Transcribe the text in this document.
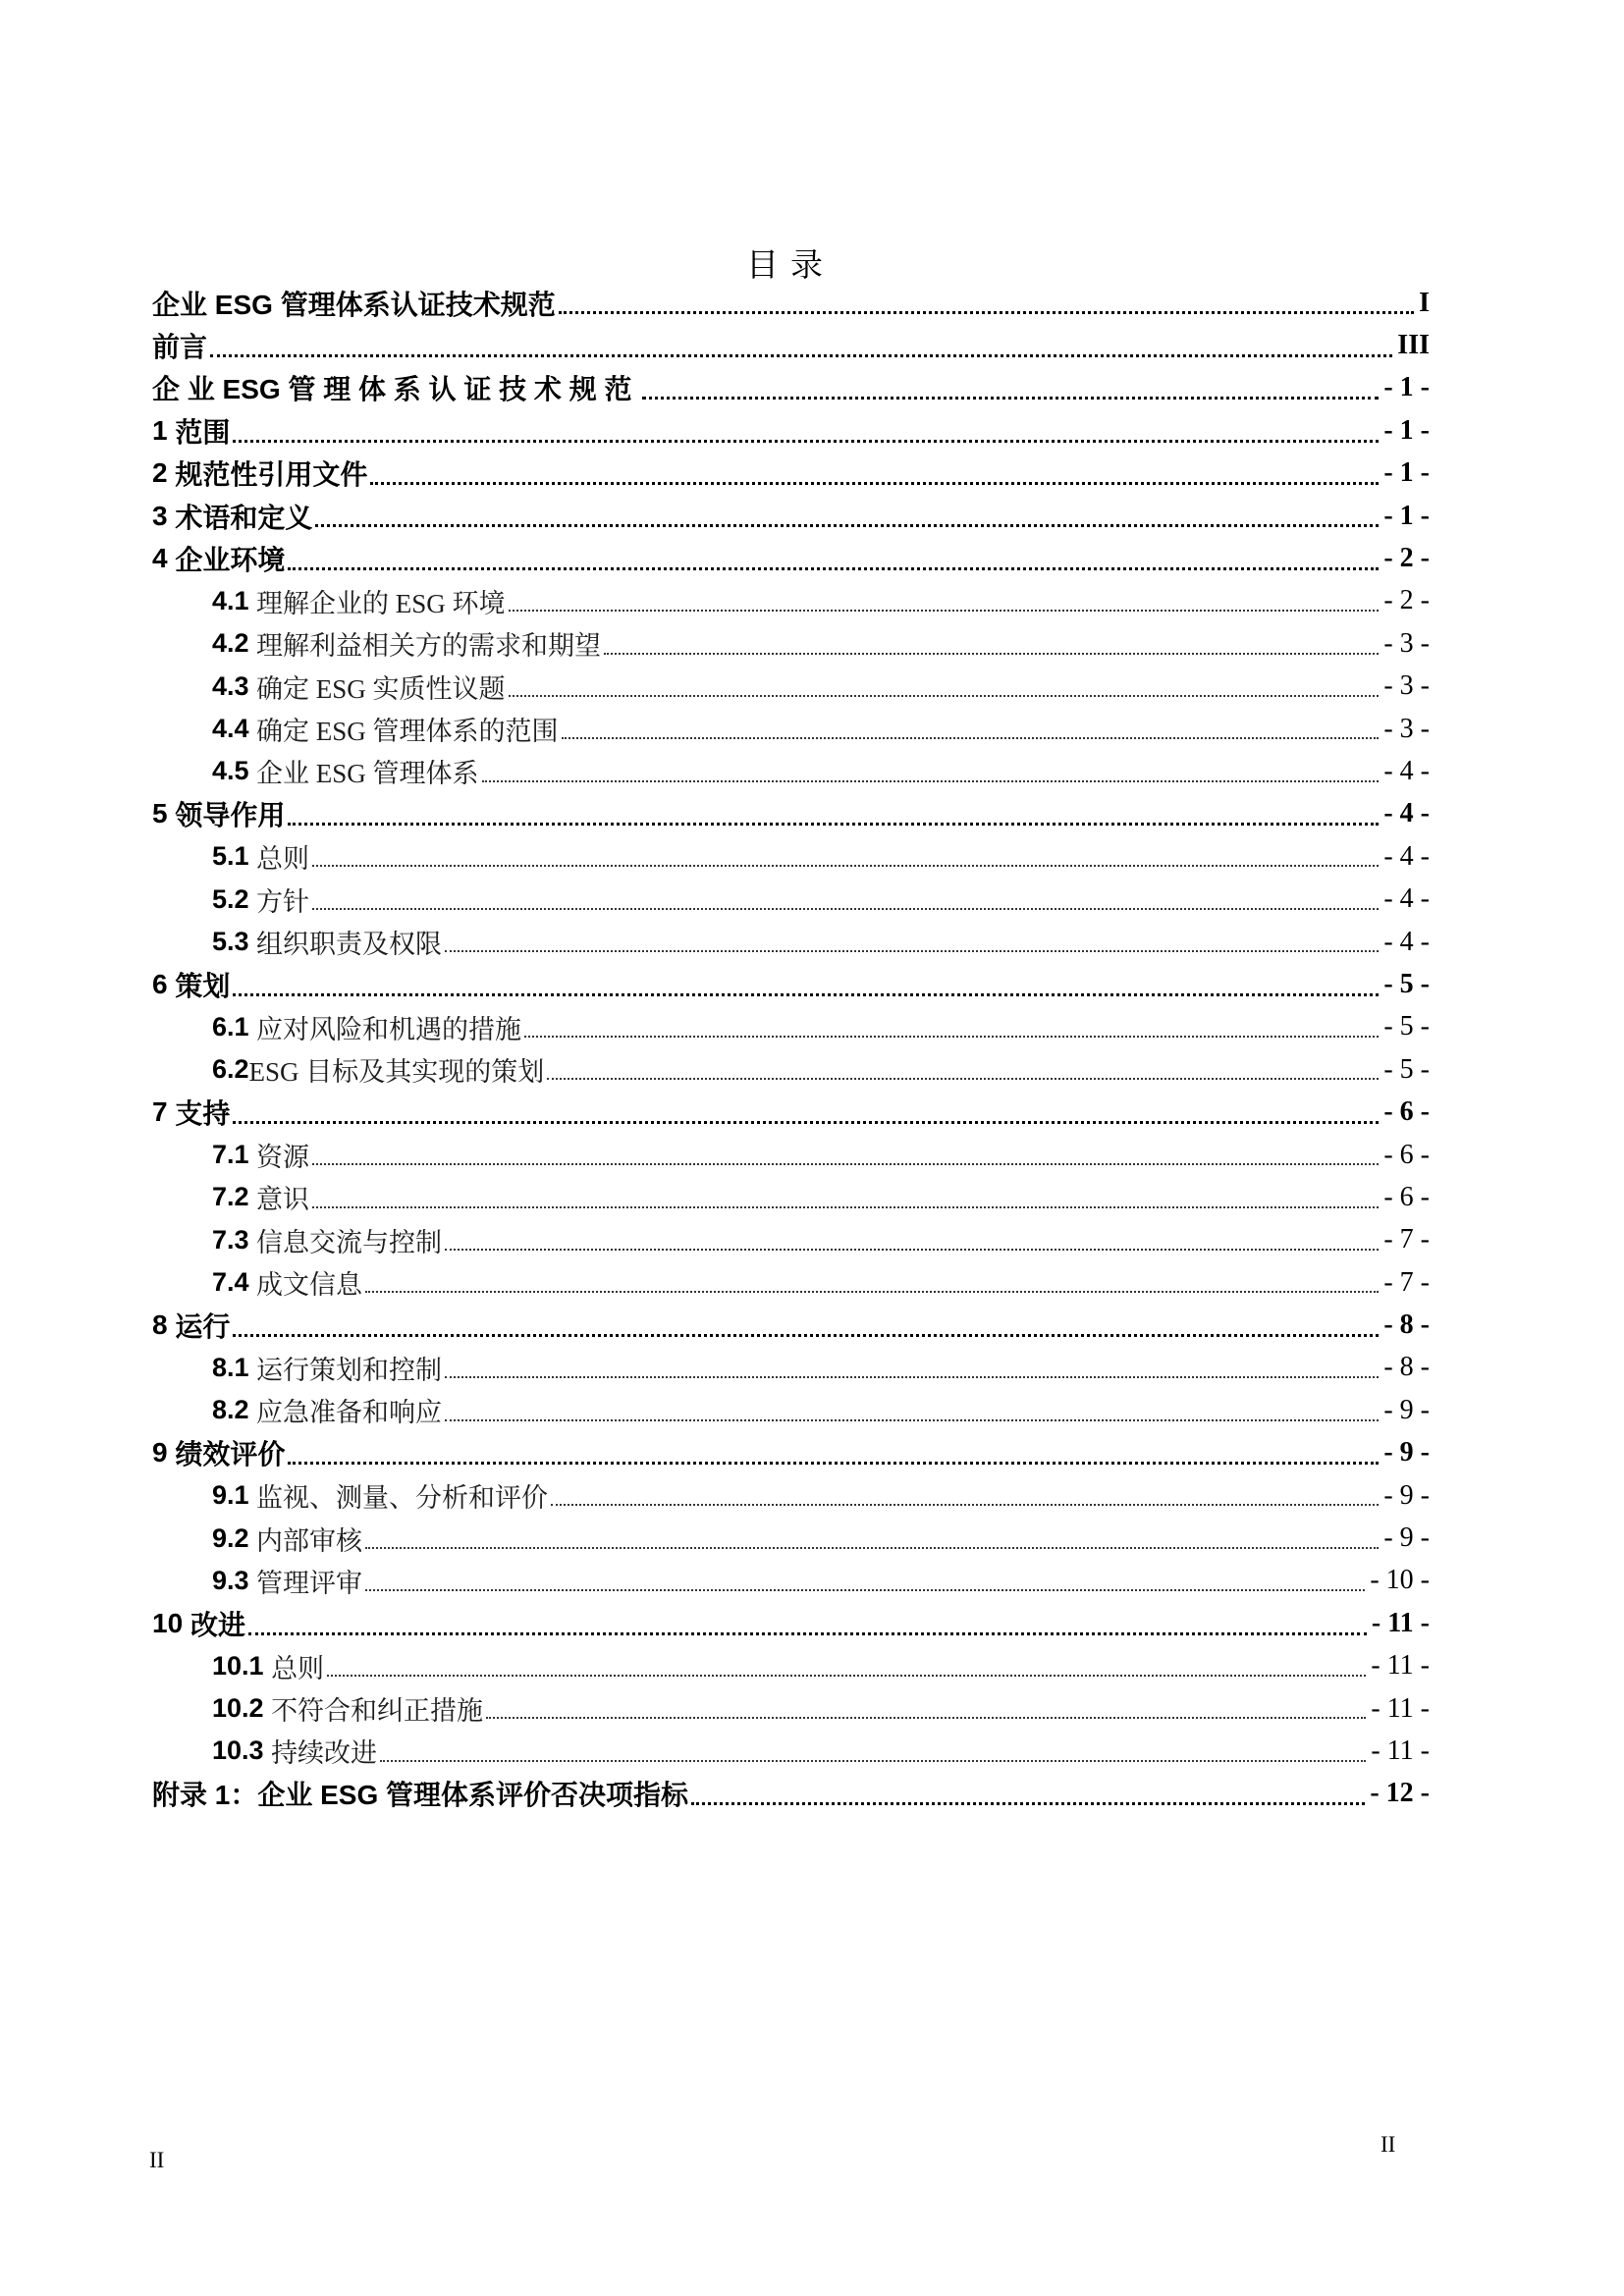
目录
企业 ESG 管理体系认证技术规范	I
前言	III
企 业 ESG 管 理 体 系 认 证 技 术 规 范	- 1 -
1 范围	- 1 -
2 规范性引用文件	- 1 -
3 术语和定义	- 1 -
4 企业环境	- 2 -
4.1 理解企业的 ESG 环境	- 2 -
4.2 理解利益相关方的需求和期望	- 3 -
4.3 确定 ESG 实质性议题	- 3 -
4.4 确定 ESG 管理体系的范围	- 3 -
4.5 企业 ESG 管理体系	- 4 -
5 领导作用	- 4 -
5.1 总则	- 4 -
5.2 方针	- 4 -
5.3 组织职责及权限	- 4 -
6 策划	- 5 -
6.1 应对风险和机遇的措施	- 5 -
6.2 ESG 目标及其实现的策划	- 5 -
7 支持	- 6 -
7.1 资源	- 6 -
7.2 意识	- 6 -
7.3 信息交流与控制	- 7 -
7.4 成文信息	- 7 -
8 运行	- 8 -
8.1 运行策划和控制	- 8 -
8.2 应急准备和响应	- 9 -
9 绩效评价	- 9 -
9.1 监视、测量、分析和评价	- 9 -
9.2 内部审核	- 9 -
9.3 管理评审	- 10 -
10 改进	- 11 -
10.1 总则	- 11 -
10.2 不符合和纠正措施	- 11 -
10.3 持续改进	- 11 -
附录 1：企业 ESG 管理体系评价否决项指标	- 12 -
II
II
